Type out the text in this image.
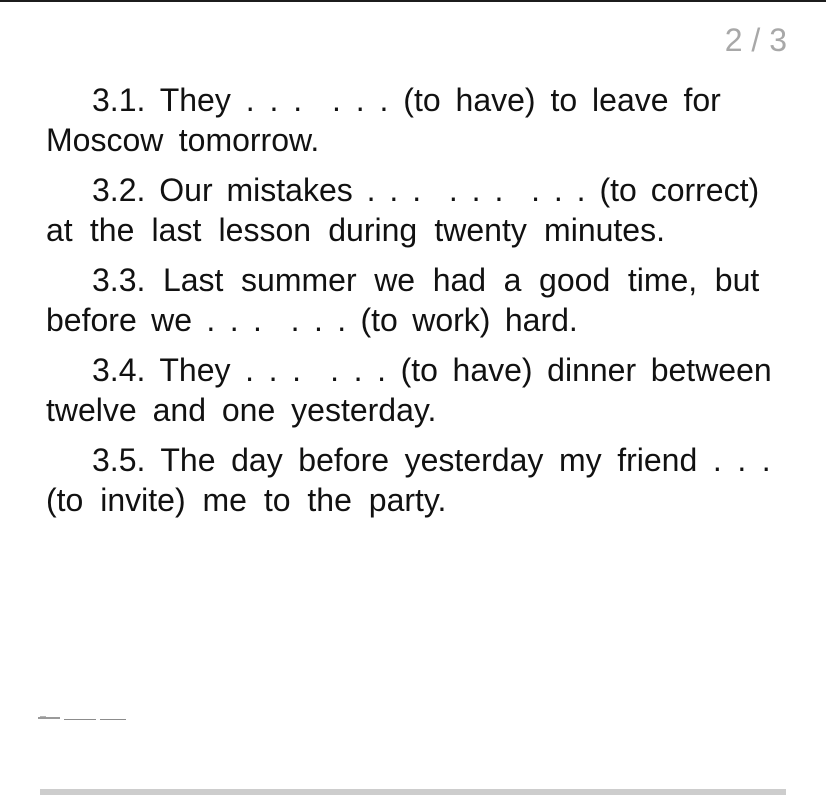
2 / 3
3.1. They . . .  . . . (to have) to leave for
Moscow tomorrow.
3.2. Our mistakes . . .  . . .  . . . (to correct)
at the last lesson during twenty minutes.
3.3. Last summer we had a good time, but
before we . . .  . . . (to work) hard.
3.4. They . . .  . . . (to have) dinner between
twelve and one yesterday.
3.5. The day before yesterday my friend . . .
(to invite) me to the party.
